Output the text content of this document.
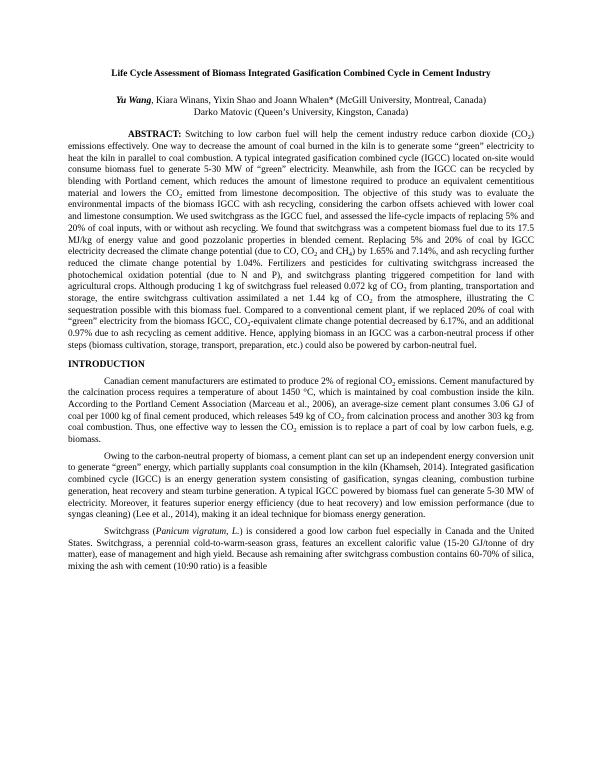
Life Cycle Assessment of Biomass Integrated Gasification Combined Cycle in Cement Industry

Yu Wang, Kiara Winans, Yixin Shao and Joann Whalen* (McGill University, Montreal, Canada)
Darko Matovic (Queen’s University, Kingston, Canada)
ABSTRACT: Switching to low carbon fuel will help the cement industry reduce carbon dioxide $(CO_2)$ emissions effectively. One way to decrease the amount of coal burned in the kiln is to generate some “green” electricity to heat the kiln in parallel to coal combustion. A typical integrated gasification combined cycle (IGCC) located on-site would consume biomass fuel to generate 5-30 MW of “green” electricity. Meanwhile, ash from the IGCC can be recycled by blending with Portland cement, which reduces the amount of limestone required to produce an equivalent cementitious material and lowers the $CO_2$ emitted from limestone decomposition. The objective of this study was to evaluate the environmental impacts of the biomass IGCC with ash recycling, considering the carbon offsets achieved with lower coal and limestone consumption. We used switchgrass as the IGCC fuel, and assessed the life-cycle impacts of replacing 5% and 20% of coal inputs, with or without ash recycling. We found that switchgrass was a competent biomass fuel due to its 17.5 MJ/kg of energy value and good pozzolanic properties in blended cement. Replacing 5% and 20% of coal by IGCC electricity decreased the climate change potential (due to CO, $CO_2$ and $CH_4$) by 1.65% and 7.14%, and ash recycling further reduced the climate change potential by 1.04%. Fertilizers and pesticides for cultivating switchgrass increased the photochemical oxidation potential (due to N and P), and switchgrass planting triggered competition for land with agricultural crops. Although producing 1 kg of switchgrass fuel released 0.072 kg of $CO_2$ from planting, transportation and storage, the entire switchgrass cultivation assimilated a net 1.44 kg of $CO_2$ from the atmosphere, illustrating the C sequestration possible with this biomass fuel. Compared to a conventional cement plant, if we replaced 20% of coal with “green” electricity from the biomass IGCC, $CO_2$-equivalent climate change potential decreased by 6.17%, and an additional 0.97% due to ash recycling as cement additive. Hence, applying biomass in an IGCC was a carbon-neutral process if other steps (biomass cultivation, storage, transport, preparation, etc.) could also be powered by carbon-neutral fuel.
INTRODUCTION
Canadian cement manufacturers are estimated to produce 2% of regional $CO_2$ emissions. Cement manufactured by the calcination process requires a temperature of about 1450 °C, which is maintained by coal combustion inside the kiln. According to the Portland Cement Association (Marceau et al., 2006), an average-size cement plant consumes 3.06 GJ of coal per 1000 kg of final cement produced, which releases 549 kg of $CO_2$ from calcination process and another 303 kg from coal combustion. Thus, one effective way to lessen the $CO_2$ emission is to replace a part of coal by low carbon fuels, e.g. biomass.
Owing to the carbon-neutral property of biomass, a cement plant can set up an independent energy conversion unit to generate “green” energy, which partially supplants coal consumption in the kiln (Khamseh, 2014). Integrated gasification combined cycle (IGCC) is an energy generation system consisting of gasification, syngas cleaning, combustion turbine generation, heat recovery and steam turbine generation. A typical IGCC powered by biomass fuel can generate 5-30 MW of electricity. Moreover, it features superior energy efficiency (due to heat recovery) and low emission performance (due to syngas cleaning) (Lee et al., 2014), making it an ideal technique for biomass energy generation.
Switchgrass (Panicum vigratum, L.) is considered a good low carbon fuel especially in Canada and the United States. Switchgrass, a perennial cold-to-warm-season grass, features an excellent calorific value (15-20 GJ/tonne of dry matter), ease of management and high yield. Because ash remaining after switchgrass combustion contains 60-70% of silica, mixing the ash with cement (10:90 ratio) is a feasible
